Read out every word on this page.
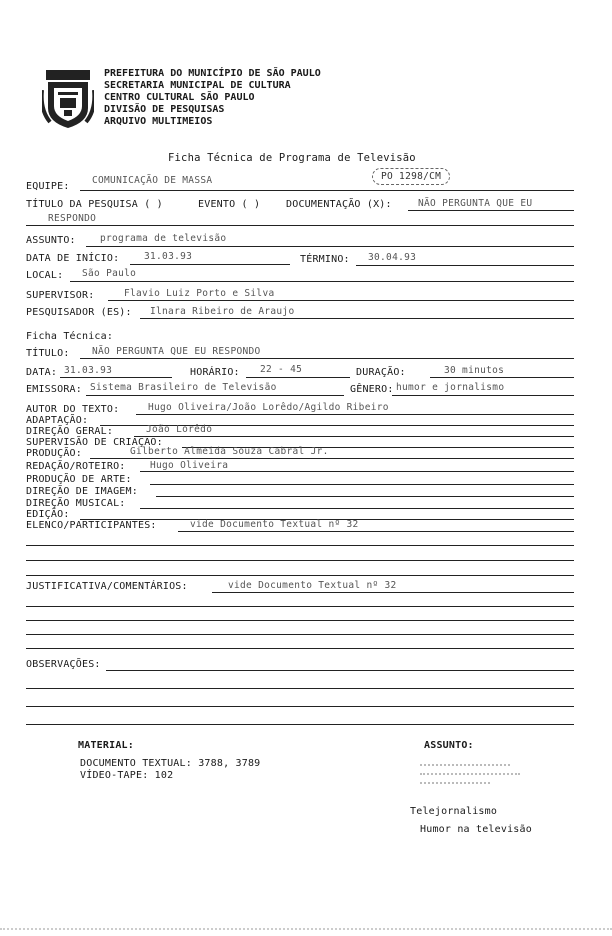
PREFEITURA DO MUNICÍPIO DE SÃO PAULO
SECRETARIA MUNICIPAL DE CULTURA
CENTRO CULTURAL SÃO PAULO
DIVISÃO DE PESQUISAS
ARQUIVO MULTIMEIOS
Ficha Técnica de Programa de Televisão
EQUIPE:
COMUNICAÇÃO DE MASSA	PO 1298/CM
TÍTULO DA PESQUISA ( )	EVENTO ( )	DOCUMENTAÇÃO (X):	NÃO PERGUNTA QUE EU
RESPONDO
ASSUNTO:	programa de televisão
DATA DE INÍCIO:	31.03.93	TÉRMINO: 30.04.93
LOCAL: São Paulo
SUPERVISOR:	Flavio Luiz Porto e Silva
PESQUISADOR (ES): Ilnara Ribeiro de Araujo
Ficha Técnica:
TÍTULO: NÃO PERGUNTA QUE EU RESPONDO
DATA: 31.03.93	HORÁRIO: 22 - 45	DURAÇÃO:	30 minutos
EMISSORA: Sistema Brasileiro de Televisão	GÊNERO: humor e jornalismo
AUTOR DO TEXTO:	Hugo Oliveira/João Lorêdo/Agildo Ribeiro
ADAPTAÇÃO:
DIREÇÃO GERAL:	João Lorêdo
SUPERVISÃO DE CRIAÇÃO:
PRODUÇÃO:	Gilberto Almeida Souza Cabral Jr.
REDAÇÃO/ROTEIRO:	Hugo Oliveira
PRODUÇÃO DE ARTE:
DIREÇÃO DE IMAGEM:
DIREÇÃO MUSICAL:
EDIÇÃO:
ELENCO/PARTICIPANTES:	vide Documento Textual nº 32
JUSTIFICATIVA/COMENTÁRIOS:	vide Documento Textual nº 32
OBSERVAÇÕES:
MATERIAL:
DOCUMENTO TEXTUAL: 3788, 3789
VÍDEO-TAPE: 102
ASSUNTO:
Telejornalismo
Humor na televisão
